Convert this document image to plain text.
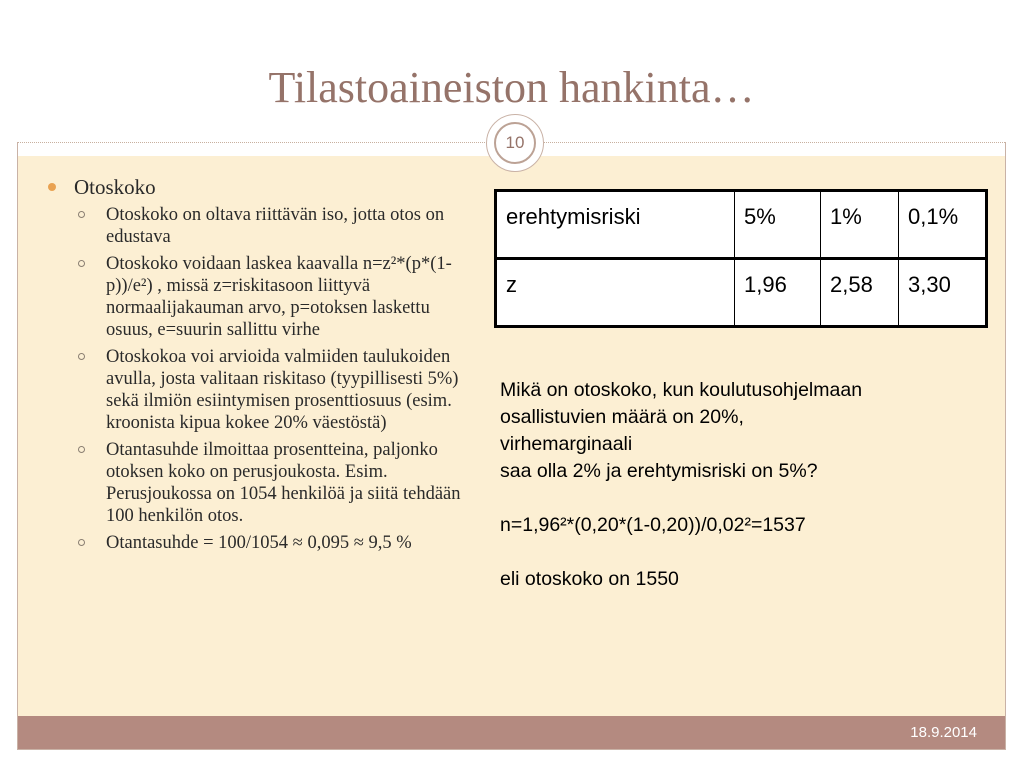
Tilastoaineiston hankinta…
10
Otoskoko
Otoskoko on oltava riittävän iso, jotta otos on edustava
Otoskoko voidaan laskea kaavalla n=z²*(p*(1-p))/e²) , missä z=riskitasoon liittyvä normaalijakauman arvo, p=otoksen laskettu osuus, e=suurin sallittu virhe
Otoskokoa voi arvioida valmiiden taulukoiden avulla, josta valitaan riskitaso (tyypillisesti 5%) sekä ilmiön esiintymisen prosenttiosuus (esim. kroonista kipua kokee 20% väestöstä)
Otantasuhde ilmoittaa prosentteina, paljonko otoksen koko on perusjoukosta. Esim. Perusjoukossa on 1054 henkilöä ja siitä tehdään 100 henkilön otos.
Otantasuhde = 100/1054 ≈ 0,095 ≈ 9,5 %
erehtymisriski	5%	1%	0,1%
z	1,96	2,58	3,30

Mikä on otoskoko, kun koulutusohjelmaan

osallistuvien määrä on 20%,

virhemarginaali

saa olla 2% ja erehtymisriski on 5%?

n=1,96²*(0,20*(1-0,20))/0,02²=1537

eli otoskoko on 1550

18.9.2014
